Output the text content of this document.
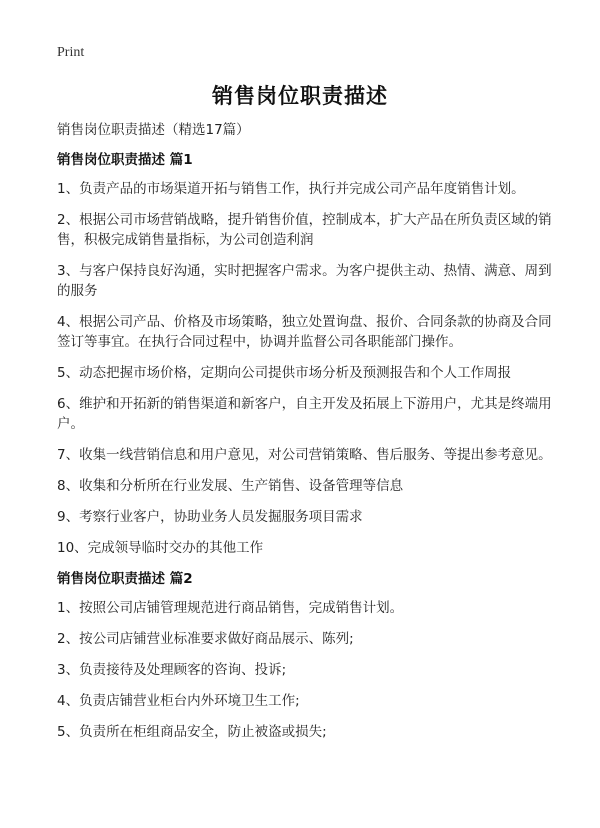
Print
销售岗位职责描述
销售岗位职责描述（精选17篇）
销售岗位职责描述 篇1
1、负责产品的市场渠道开拓与销售工作，执行并完成公司产品年度销售计划。
2、根据公司市场营销战略，提升销售价值，控制成本，扩大产品在所负责区域的销售，积极完成销售量指标，为公司创造利润
3、与客户保持良好沟通，实时把握客户需求。为客户提供主动、热情、满意、周到的服务
4、根据公司产品、价格及市场策略，独立处置询盘、报价、合同条款的协商及合同签订等事宜。在执行合同过程中，协调并监督公司各职能部门操作。
5、动态把握市场价格，定期向公司提供市场分析及预测报告和个人工作周报
6、维护和开拓新的销售渠道和新客户，自主开发及拓展上下游用户，尤其是终端用户。
7、收集一线营销信息和用户意见，对公司营销策略、售后服务、等提出参考意见。
8、收集和分析所在行业发展、生产销售、设备管理等信息
9、考察行业客户，协助业务人员发掘服务项目需求
10、完成领导临时交办的其他工作
销售岗位职责描述 篇2
1、按照公司店铺管理规范进行商品销售，完成销售计划。
2、按公司店铺营业标准要求做好商品展示、陈列;
3、负责接待及处理顾客的咨询、投诉;
4、负责店铺营业柜台内外环境卫生工作;
5、负责所在柜组商品安全，防止被盗或损失;
